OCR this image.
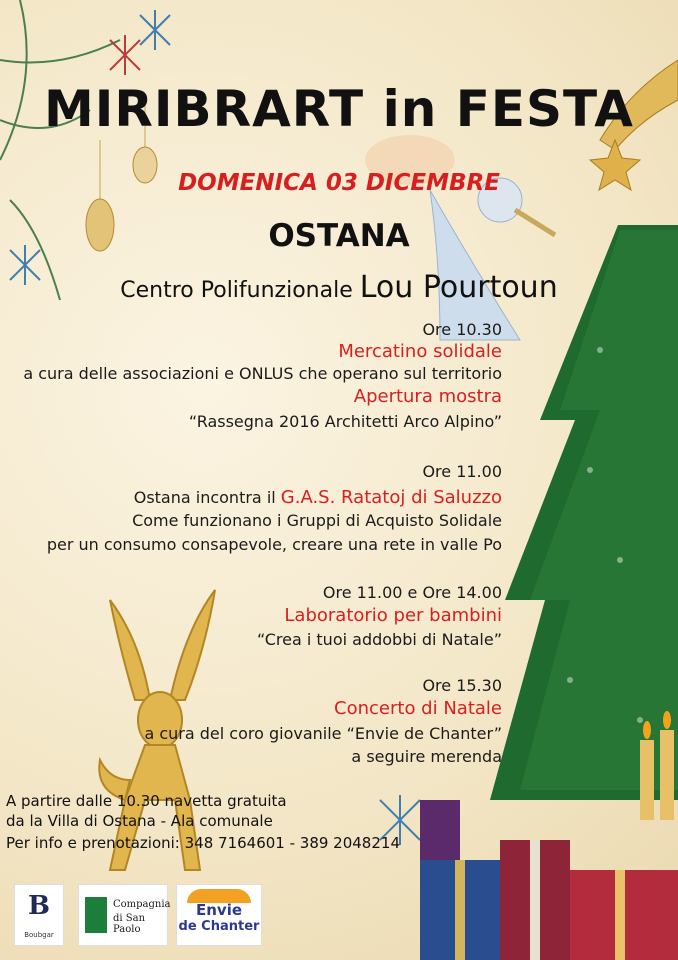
MIRIBRART in FESTA
DOMENICA 03 DICEMBRE
OSTANA
Centro Polifunzionale Lou Pourtoun
Ore 10.30
Mercatino solidale
a cura delle associazioni e ONLUS che operano sul territorio
Apertura mostra
“Rassegna 2016 Architetti Arco Alpino”
Ore 11.00
Ostana incontra il G.A.S. Ratatoj di Saluzzo
Come funzionano i Gruppi di Acquisto Solidale
per un consumo consapevole, creare una rete in valle Po
Ore 11.00 e Ore 14.00
Laboratorio per bambini
“Crea i tuoi addobbi di Natale”
Ore 15.30
Concerto di Natale
a cura del coro giovanile “Envie de Chanter”
a seguire merenda
A partire dalle 10.30 navetta gratuita
da la Villa di Ostana - Ala comunale
Per info e prenotazioni: 348 7164601 - 389 2048214
B
Boubgar
Compagnia
di San Paolo
Envie
de Chanter
